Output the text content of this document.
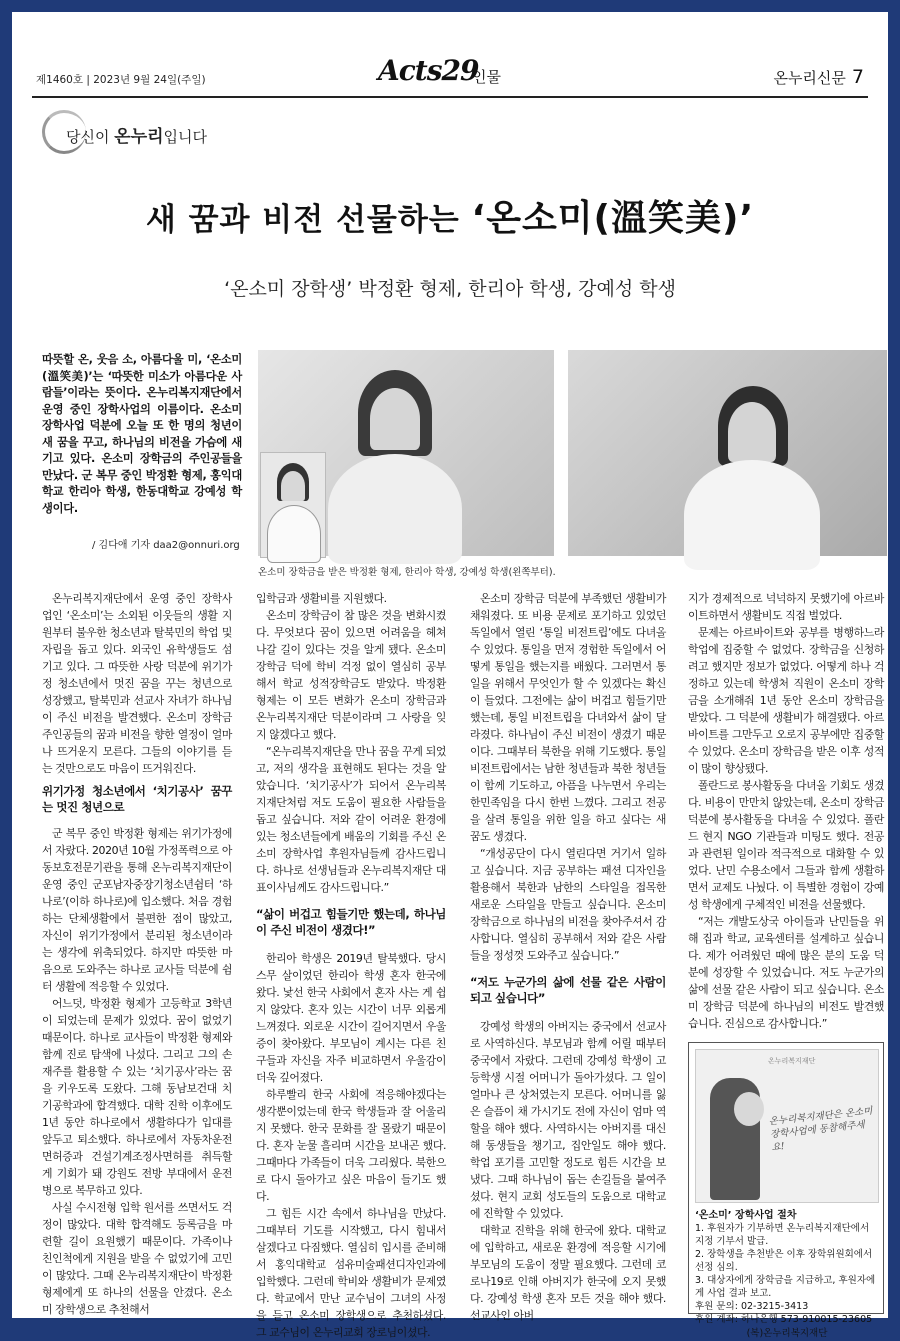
제1460호 | 2023년 9월 24일(주일)	Acts29
인물	온누리신문 7
당신이 온누리입니다
새 꿈과 비전 선물하는 ‘온소미(溫笑美)’
‘온소미 장학생’ 박정환 형제, 한리아 학생, 강예성 학생
따뜻할 온, 웃음 소, 아름다울 미, ‘온소미(溫笑美)’는 ‘따뜻한 미소가 아름다운 사람들’이라는 뜻이다. 온누리복지재단에서 운영 중인 장학사업의 이름이다. 온소미 장학사업 덕분에 오늘 또 한 명의 청년이 새 꿈을 꾸고, 하나님의 비전을 가슴에 새기고 있다. 온소미 장학금의 주인공들을 만났다. 군 복무 중인 박정환 형제, 홍익대학교 한리아 학생, 한동대학교 강예성 학생이다.
/ 김다애 기자 daa2@onnuri.org
온소미 장학금을 받은 박정환 형제, 한리아 학생, 강예성 학생(왼쪽부터).

온누리복지재단에서 운영 중인 장학사업인 ‘온소미’는 소외된 이웃들의 생활 지원부터 불우한 청소년과 탈북민의 학업 및 자립을 돕고 있다. 외국인 유학생들도 섬기고 있다. 그 따뜻한 사랑 덕분에 위기가정 청소년에서 멋진 꿈을 꾸는 청년으로 성장했고, 탈북민과 선교사 자녀가 하나님이 주신 비전을 발견했다. 온소미 장학금 주인공들의 꿈과 비전을 향한 열정이 얼마나 뜨거운지 모른다. 그들의 이야기를 듣는 것만으로도 마음이 뜨거워진다.

위기가정 청소년에서 ‘치기공사’ 꿈꾸는 멋진 청년으로

군 복무 중인 박정환 형제는 위기가정에서 자랐다. 2020년 10월 가정폭력으로 아동보호전문기관을 통해 온누리복지재단이 운영 중인 군포남자중장기청소년쉼터 ‘하나로’(이하 하나로)에 입소했다. 처음 경험하는 단체생활에서 불편한 점이 많았고, 자신이 위기가정에서 분리된 청소년이라는 생각에 위축되었다. 하지만 따뜻한 마음으로 도와주는 하나로 교사들 덕분에 쉼터 생활에 적응할 수 있었다.

어느덧, 박정환 형제가 고등학교 3학년이 되었는데 문제가 있었다. 꿈이 없었기 때문이다. 하나로 교사들이 박정환 형제와 함께 진로 탐색에 나섰다. 그리고 그의 손재주를 활용할 수 있는 ‘치기공사’라는 꿈을 키우도록 도왔다. 그해 동남보건대 치기공학과에 합격했다. 대학 진학 이후에도 1년 동안 하나로에서 생활하다가 입대를 앞두고 퇴소했다. 하나로에서 자동차운전면허증과 건설기계조정사면허를 취득할 게 기회가 돼 강원도 전방 부대에서 운전병으로 복무하고 있다.

사실 수시전형 입학 원서를 쓰면서도 걱정이 많았다. 대학 합격해도 등록금을 마련할 길이 요원했기 때문이다. 가족이나 친인척에게 지원을 받을 수 없었기에 고민이 많았다. 그때 온누리복지재단이 박정환 형제에게 또 하나의 선물을 안겼다. 온소미 장학생으로 추천해서

입학금과 생활비를 지원했다.

온소미 장학금이 참 많은 것을 변화시켰다. 무엇보다 꿈이 있으면 어려움을 헤쳐 나갈 길이 있다는 것을 알게 됐다. 온소미 장학금 덕에 학비 걱정 없이 열심히 공부해서 학교 성적장학금도 받았다. 박정환 형제는 이 모든 변화가 온소미 장학금과 온누리복지재단 덕분이라며 그 사랑을 잊지 않겠다고 했다.

“온누리복지재단을 만나 꿈을 꾸게 되었고, 저의 생각을 표현해도 된다는 것을 알았습니다. ‘치기공사’가 되어서 온누리복지재단처럼 저도 도움이 필요한 사람들을 돕고 싶습니다. 저와 같이 어려운 환경에 있는 청소년들에게 배움의 기회를 주신 온소미 장학사업 후원자님들께 감사드립니다. 하나로 선생님들과 온누리복지재단 대표이사님께도 감사드립니다.”

“삶이 버겁고 힘들기만 했는데, 하나님이 주신 비전이 생겼다!”

한리아 학생은 2019년 탈북했다. 당시 스무 살이었던 한리아 학생 혼자 한국에 왔다. 낯선 한국 사회에서 혼자 사는 게 쉽지 않았다. 혼자 있는 시간이 너무 외롭게 느껴졌다. 외로운 시간이 길어지면서 우울증이 찾아왔다. 부모님이 계시는 다른 친구들과 자신을 자주 비교하면서 우울감이 더욱 깊어졌다.

하루빨리 한국 사회에 적응해야겠다는 생각뿐이었는데 한국 학생들과 잘 어울리지 못했다. 한국 문화를 잘 몰랐기 때문이다. 혼자 눈물 흘리며 시간을 보내곤 했다. 그때마다 가족들이 더욱 그리웠다. 북한으로 다시 돌아가고 싶은 마음이 들기도 했다.

그 힘든 시간 속에서 하나님을 만났다. 그때부터 기도를 시작했고, 다시 힘내서 살겠다고 다짐했다. 열심히 입시를 준비해서 홍익대학교 섬유미술패션디자인과에 입학했다. 그런데 학비와 생활비가 문제였다. 학교에서 만난 교수님이 그녀의 사정을 듣고 온소미 장학생으로 추천하셨다. 그 교수님이 온누리교회 장로님이셨다.

온소미 장학금 덕분에 부족했던 생활비가 채워졌다. 또 비용 문제로 포기하고 있었던 독일에서 열린 ‘통일 비전트립’에도 다녀올 수 있었다. 통일을 먼저 경험한 독일에서 어떻게 통일을 했는지를 배웠다. 그러면서 통일을 위해서 무엇인가 할 수 있겠다는 확신이 들었다. 그전에는 삶이 버겁고 힘들기만 했는데, 통일 비전트립을 다녀와서 삶이 달라졌다. 하나님이 주신 비전이 생겼기 때문이다. 그때부터 북한을 위해 기도했다. 통일 비전트립에서는 남한 청년들과 북한 청년들이 함께 기도하고, 아픔을 나누면서 우리는 한민족임을 다시 한번 느꼈다. 그리고 전공을 살려 통일을 위한 일을 하고 싶다는 새 꿈도 생겼다.

“개성공단이 다시 열린다면 거기서 일하고 싶습니다. 지금 공부하는 패션 디자인을 활용해서 북한과 남한의 스타일을 접목한 새로운 스타일을 만들고 싶습니다. 온소미 장학금으로 하나님의 비전을 찾아주셔서 감사합니다. 열심히 공부해서 저와 같은 사람들을 정성껏 도와주고 싶습니다.”

“저도 누군가의 삶에 선물 같은 사람이 되고 싶습니다”

강예성 학생의 아버지는 중국에서 선교사로 사역하신다. 부모님과 함께 어릴 때부터 중국에서 자랐다. 그런데 강예성 학생이 고등학생 시절 어머니가 돌아가셨다. 그 일이 얼마나 큰 상처였는지 모른다. 어머니를 잃은 슬픔이 채 가시기도 전에 자신이 엄마 역할을 해야 했다. 사역하시는 아버지를 대신해 동생들을 챙기고, 집안일도 해야 했다. 학업 포기를 고민할 정도로 힘든 시간을 보냈다. 그때 하나님이 돕는 손길들을 붙여주셨다. 현지 교회 성도들의 도움으로 대학교에 진학할 수 있었다.

대학교 진학을 위해 한국에 왔다. 대학교에 입학하고, 새로운 환경에 적응할 시기에 부모님의 도움이 정말 필요했다. 그런데 코로나19로 인해 아버지가 한국에 오지 못했다. 강예성 학생 혼자 모든 것을 해야 했다. 선교사인 아버

지가 경제적으로 넉넉하지 못했기에 아르바이트하면서 생활비도 직접 벌었다.

문제는 아르바이트와 공부를 병행하느라 학업에 집중할 수 없었다. 장학금을 신청하려고 했지만 정보가 없었다. 어떻게 하나 걱정하고 있는데 학생처 직원이 온소미 장학금을 소개해줘 1년 동안 온소미 장학금을 받았다. 그 덕분에 생활비가 해결됐다. 아르바이트를 그만두고 오로지 공부에만 집중할 수 있었다. 온소미 장학금을 받은 이후 성적이 많이 향상됐다.

폴란드로 봉사활동을 다녀올 기회도 생겼다. 비용이 만만치 않았는데, 온소미 장학금 덕분에 봉사활동을 다녀올 수 있었다. 폴란드 현지 NGO 기관들과 미팅도 했다. 전공과 관련된 일이라 적극적으로 대화할 수 있었다. 난민 수용소에서 그들과 함께 생활하면서 교제도 나눴다. 이 특별한 경험이 강예성 학생에게 구체적인 비전을 선물했다.

“저는 개발도상국 아이들과 난민들을 위해 집과 학교, 교육센터를 설계하고 싶습니다. 제가 어려웠던 때에 많은 분의 도움 덕분에 성장할 수 있었습니다. 저도 누군가의 삶에 선물 같은 사람이 되고 싶습니다. 온소미 장학금 덕분에 하나님의 비전도 발견했습니다. 진심으로 감사합니다.”

온누리복지재단
온누리복지재단은 온소미 장학사업에 동참해주세요!
‘온소미’ 장학사업 절차
1. 후원자가 기부하면 온누리복지재단에서 지정 기부서 발급.
2. 장학생을 추천받은 이후 장학위원회에서 선정 심의.
3. 대상자에게 장학금을 지급하고, 후원자에게 사업 결과 보고.
후원 문의: 02-3215-3413
후원 계좌: 하나은행 573-910015-23605
(복)온누리복지재단
